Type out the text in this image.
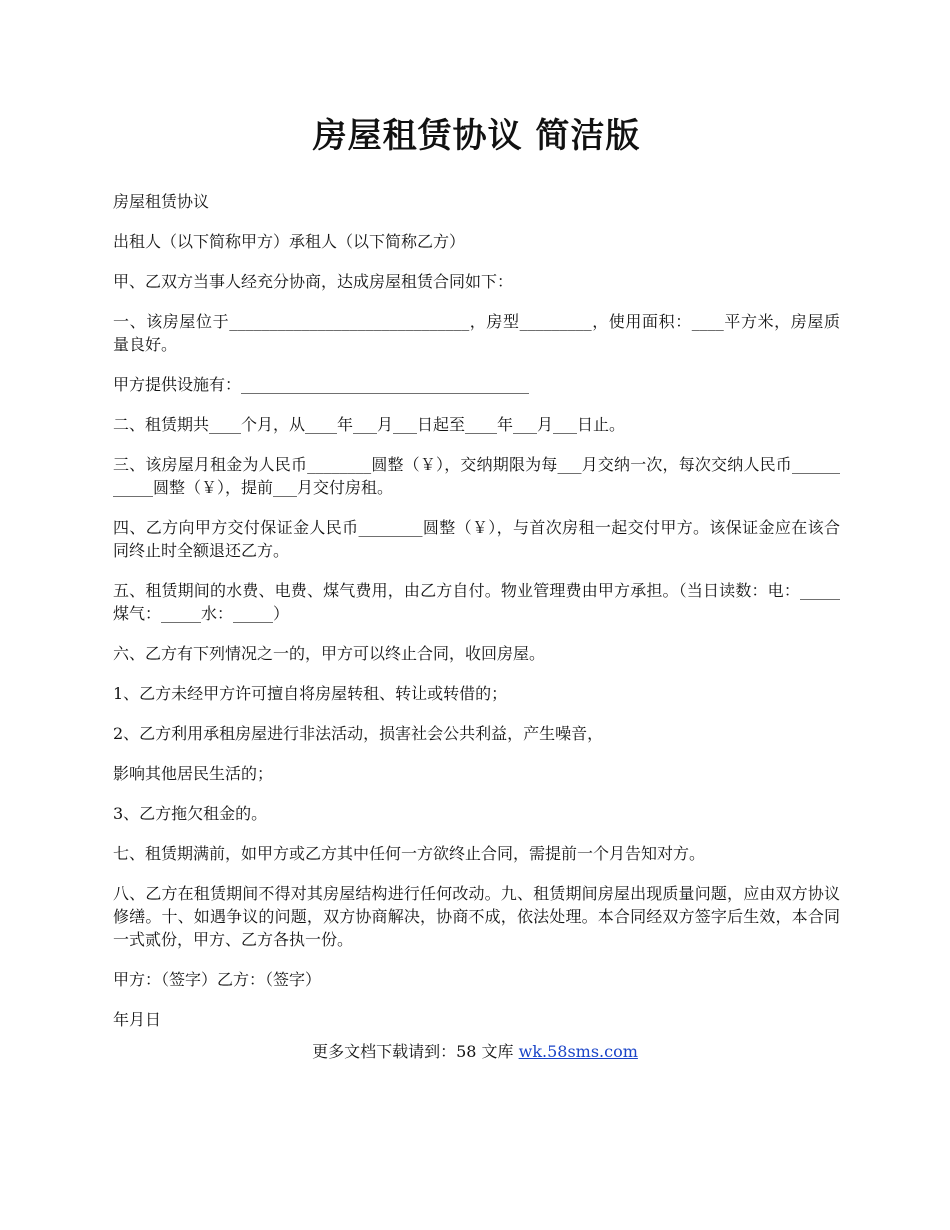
房屋租赁协议 简洁版

房屋租赁协议

出租人（以下简称甲方）承租人（以下简称乙方）

甲、乙双方当事人经充分协商，达成房屋租赁合同如下：

一、该房屋位于______________________________，房型_________，使用面积：____平方米，房屋质量良好。

甲方提供设施有：____________________________________

二、租赁期共____个月，从____年___月___日起至____年___月___日止。

三、该房屋月租金为人民币________圆整（￥），交纳期限为每___月交纳一次，每次交纳人民币___________圆整（￥），提前___月交付房租。

四、乙方向甲方交付保证金人民币________圆整（￥），与首次房租一起交付甲方。该保证金应在该合同终止时全额退还乙方。

五、租赁期间的水费、电费、煤气费用，由乙方自付。物业管理费由甲方承担。（当日读数：电：_____煤气：_____水：_____）

六、乙方有下列情况之一的，甲方可以终止合同，收回房屋。

1、乙方未经甲方许可擅自将房屋转租、转让或转借的；

2、乙方利用承租房屋进行非法活动，损害社会公共利益，产生噪音，

影响其他居民生活的；

3、乙方拖欠租金的。

七、租赁期满前，如甲方或乙方其中任何一方欲终止合同，需提前一个月告知对方。

八、乙方在租赁期间不得对其房屋结构进行任何改动。九、租赁期间房屋出现质量问题，应由双方协议修缮。十、如遇争议的问题，双方协商解决，协商不成，依法处理。本合同经双方签字后生效，本合同一式贰份，甲方、乙方各执一份。

甲方：（签字）乙方：（签字）

年月日

更多文档下载请到：58 文库 wk.58sms.com
